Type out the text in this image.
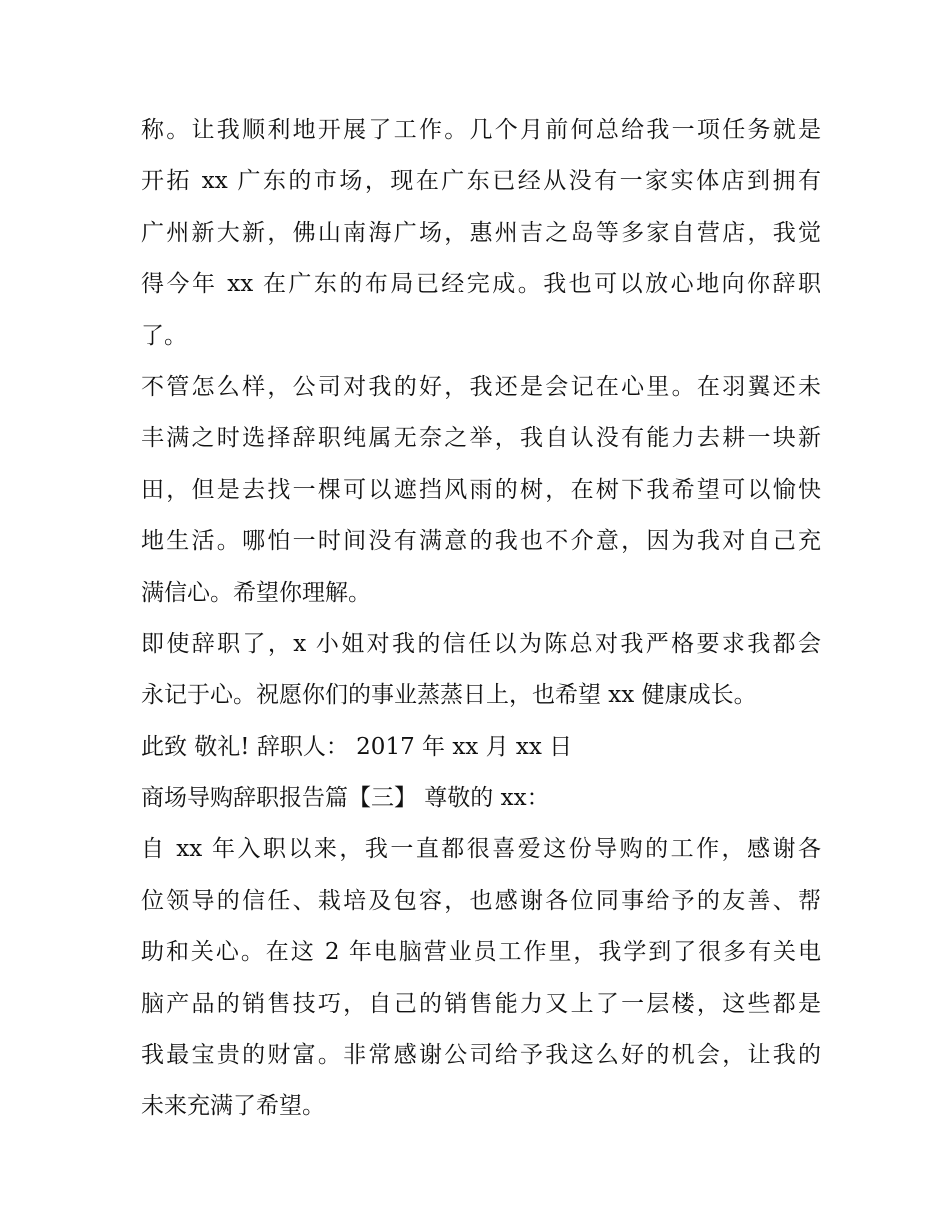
称。让我顺利地开展了工作。几个月前何总给我一项任务就是
开拓 xx 广东的市场，现在广东已经从没有一家实体店到拥有
广州新大新，佛山南海广场，惠州吉之岛等多家自营店，我觉
得今年 xx 在广东的布局已经完成。我也可以放心地向你辞职
了。
不管怎么样，公司对我的好，我还是会记在心里。在羽翼还未
丰满之时选择辞职纯属无奈之举，我自认没有能力去耕一块新
田，但是去找一棵可以遮挡风雨的树，在树下我希望可以愉快
地生活。哪怕一时间没有满意的我也不介意，因为我对自己充
满信心。希望你理解。
即使辞职了，x 小姐对我的信任以为陈总对我严格要求我都会
永记于心。祝愿你们的事业蒸蒸日上，也希望 xx 健康成长。
此致 敬礼! 辞职人： 2017 年 xx 月 xx 日
商场导购辞职报告篇【三】 尊敬的 xx：
自 xx 年入职以来，我一直都很喜爱这份导购的工作，感谢各
位领导的信任、栽培及包容，也感谢各位同事给予的友善、帮
助和关心。在这 2 年电脑营业员工作里，我学到了很多有关电
脑产品的销售技巧，自己的销售能力又上了一层楼，这些都是
我最宝贵的财富。非常感谢公司给予我这么好的机会，让我的
未来充满了希望。
